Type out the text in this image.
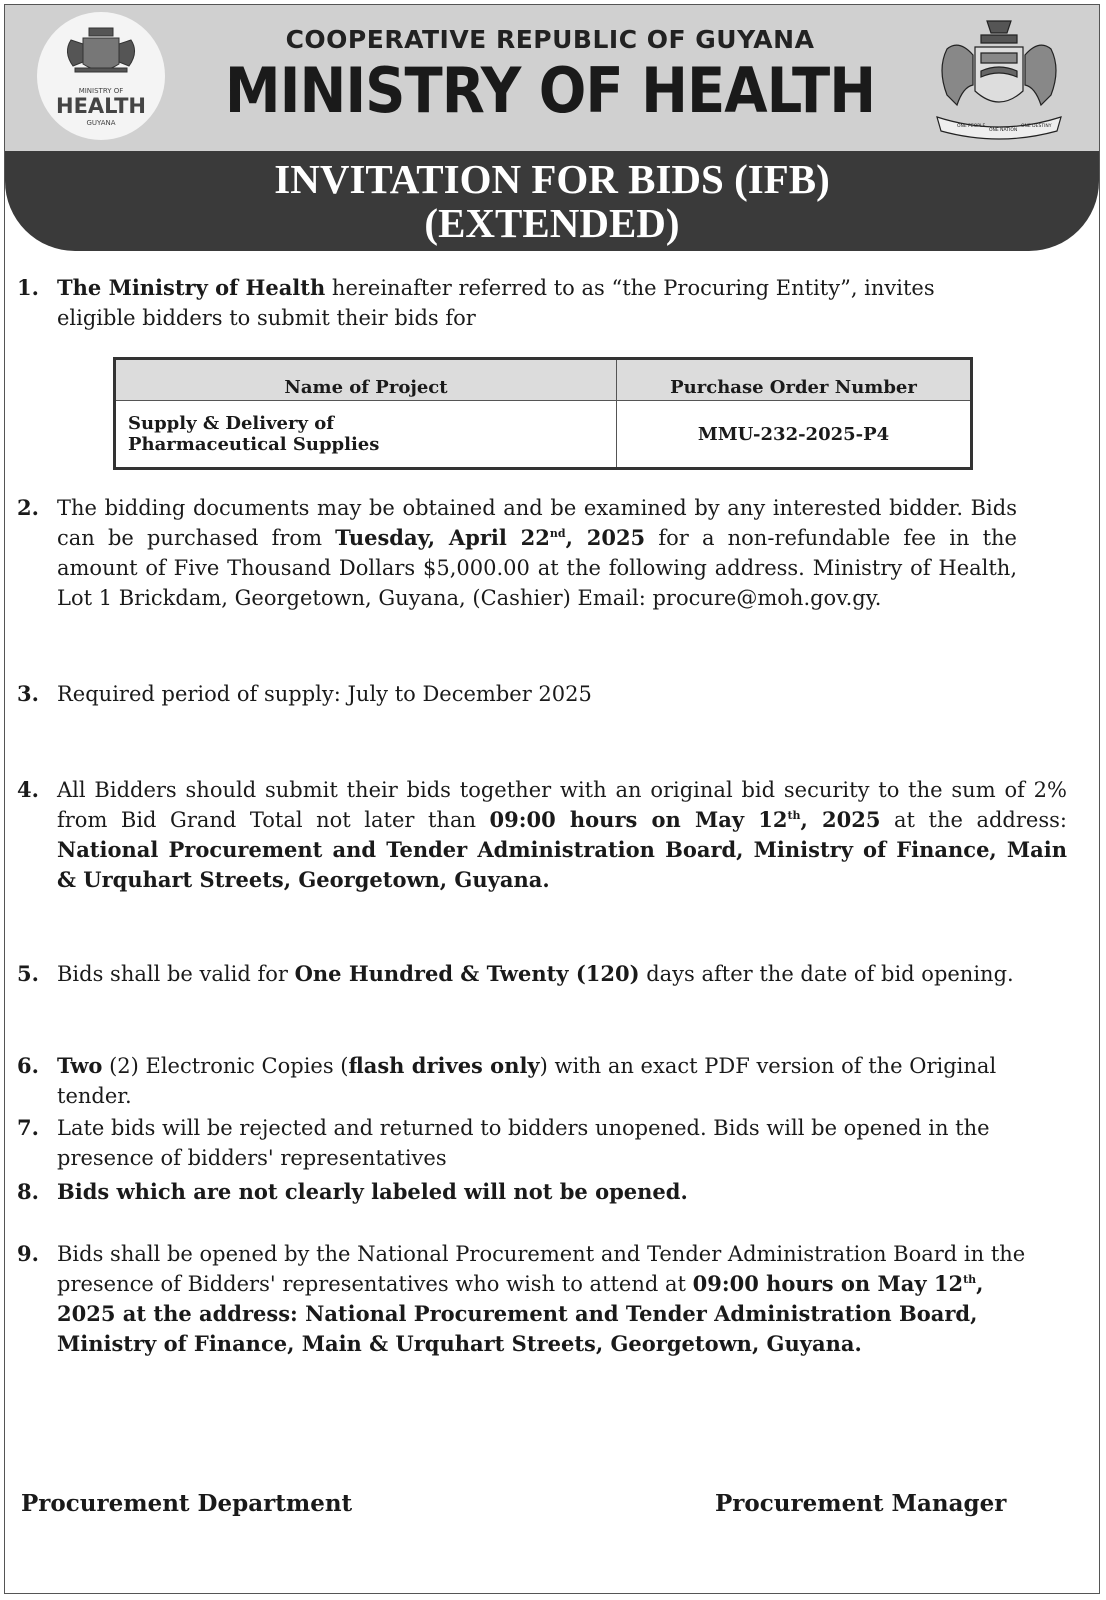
MINISTRY OF
HEALTH
GUYANA
COOPERATIVE REPUBLIC OF GUYANA
MINISTRY OF HEALTH	ONE PEOPLE
ONE NATION
ONE DESTINY
INVITATION FOR BIDS (IFB)
(EXTENDED)
1. The Ministry of Health hereinafter referred to as “the Procuring Entity”, invites eligible bidders to submit their bids for
Name of Project	Purchase Order Number

Supply & Delivery of
Pharmaceutical Supplies	MMU-232-2025-P4
2. The bidding documents may be obtained and be examined by any interested bidder. Bids can be purchased from Tuesday, April 22nd, 2025 for a non-refundable fee in the amount of Five Thousand Dollars $5,000.00 at the following address. Ministry of Health, Lot 1 Brickdam, Georgetown, Guyana, (Cashier) Email: procure@moh.gov.gy.
3. Required period of supply: July to December 2025
4. All Bidders should submit their bids together with an original bid security to the sum of 2% from Bid Grand Total not later than 09:00 hours on May 12th, 2025 at the address: National Procurement and Tender Administration Board, Ministry of Finance, Main & Urquhart Streets, Georgetown, Guyana.
5. Bids shall be valid for One Hundred & Twenty (120) days after the date of bid opening.
6. Two (2) Electronic Copies (flash drives only) with an exact PDF version of the Original tender.
7. Late bids will be rejected and returned to bidders unopened. Bids will be opened in the presence of bidders' representatives
8. Bids which are not clearly labeled will not be opened.
9. Bids shall be opened by the National Procurement and Tender Administration Board in the presence of Bidders' representatives who wish to attend at 09:00 hours on May 12th, 2025 at the address: National Procurement and Tender Administration Board, Ministry of Finance, Main & Urquhart Streets, Georgetown, Guyana.
Procurement Department	Procurement Manager
